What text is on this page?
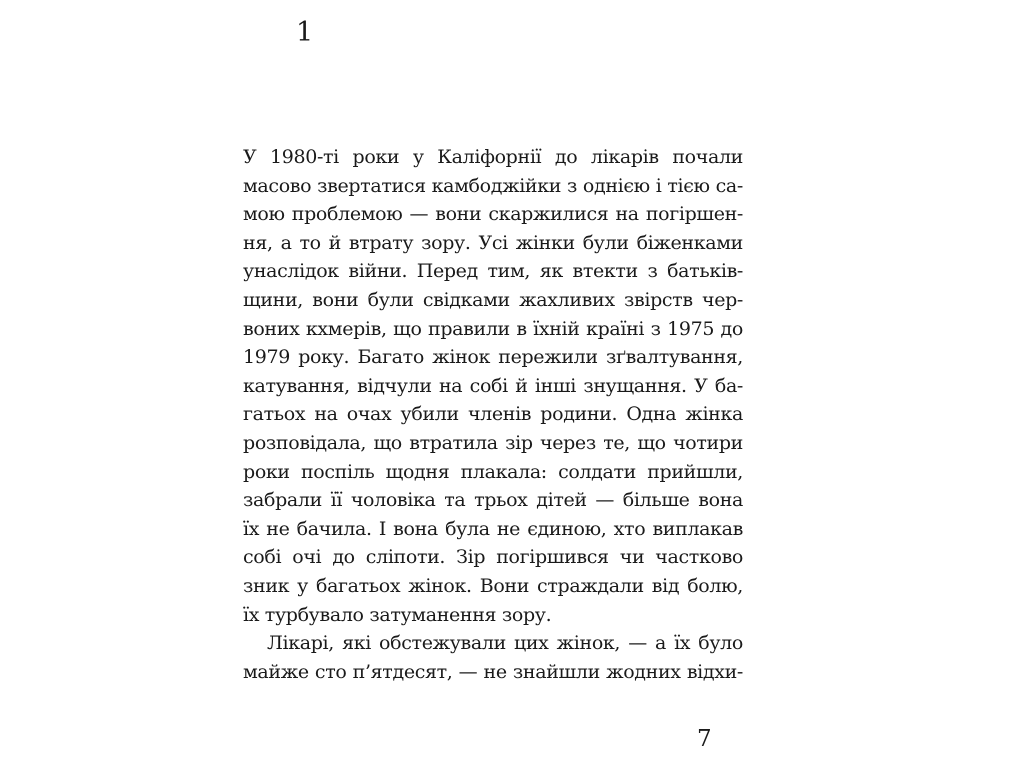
1
У 1980-ті роки у Каліфорнії до лікарів почали
масово звертатися камбоджійки з однією і тією са-
мою проблемою — вони скаржилися на погіршен-
ня, а то й втрату зору. Усі жінки були біженками
унаслідок війни. Перед тим, як втекти з батьків-
щини, вони були свідками жахливих звірств чер-
воних кхмерів, що правили в їхній країні з 1975 до
1979 року. Багато жінок пережили зґвалтування,
катування, відчули на собі й інші знущання. У ба-
гатьох на очах убили членів родини. Одна жінка
розповідала, що втратила зір через те, що чотири
роки поспіль щодня плакала: солдати прийшли,
забрали її чоловіка та трьох дітей — більше вона
їх не бачила. І вона була не єдиною, хто виплакав
собі очі до сліпоти. Зір погіршився чи частково
зник у багатьох жінок. Вони страждали від болю,
їх турбувало затуманення зору.
Лікарі, які обстежували цих жінок, — а їх було
майже сто п’ятдесят, — не знайшли жодних відхи-
7
